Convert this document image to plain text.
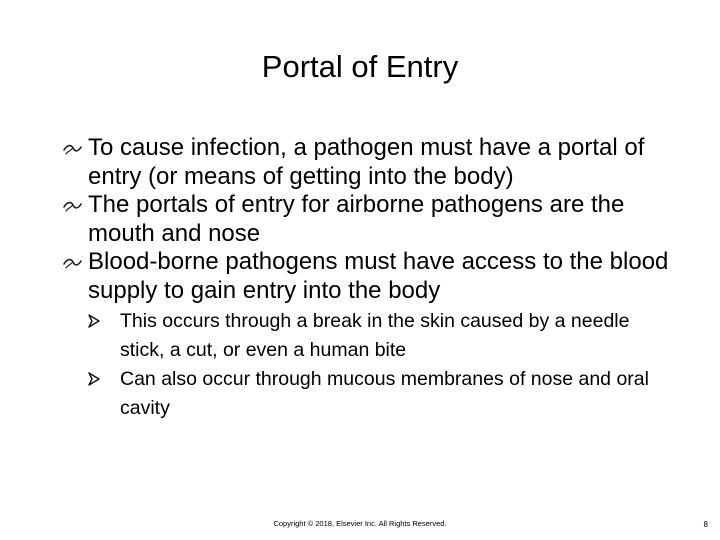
Portal of Entry
To cause infection, a pathogen must have a portal of entry (or means of getting into the body)
The portals of entry for airborne pathogens are the mouth and nose
Blood-borne pathogens must have access to the blood supply to gain entry into the body
This occurs through a break in the skin caused by a needle stick, a cut, or even a human bite
Can also occur through mucous membranes of nose and oral cavity
Copyright © 2018, Elsevier Inc. All Rights Reserved.	8
